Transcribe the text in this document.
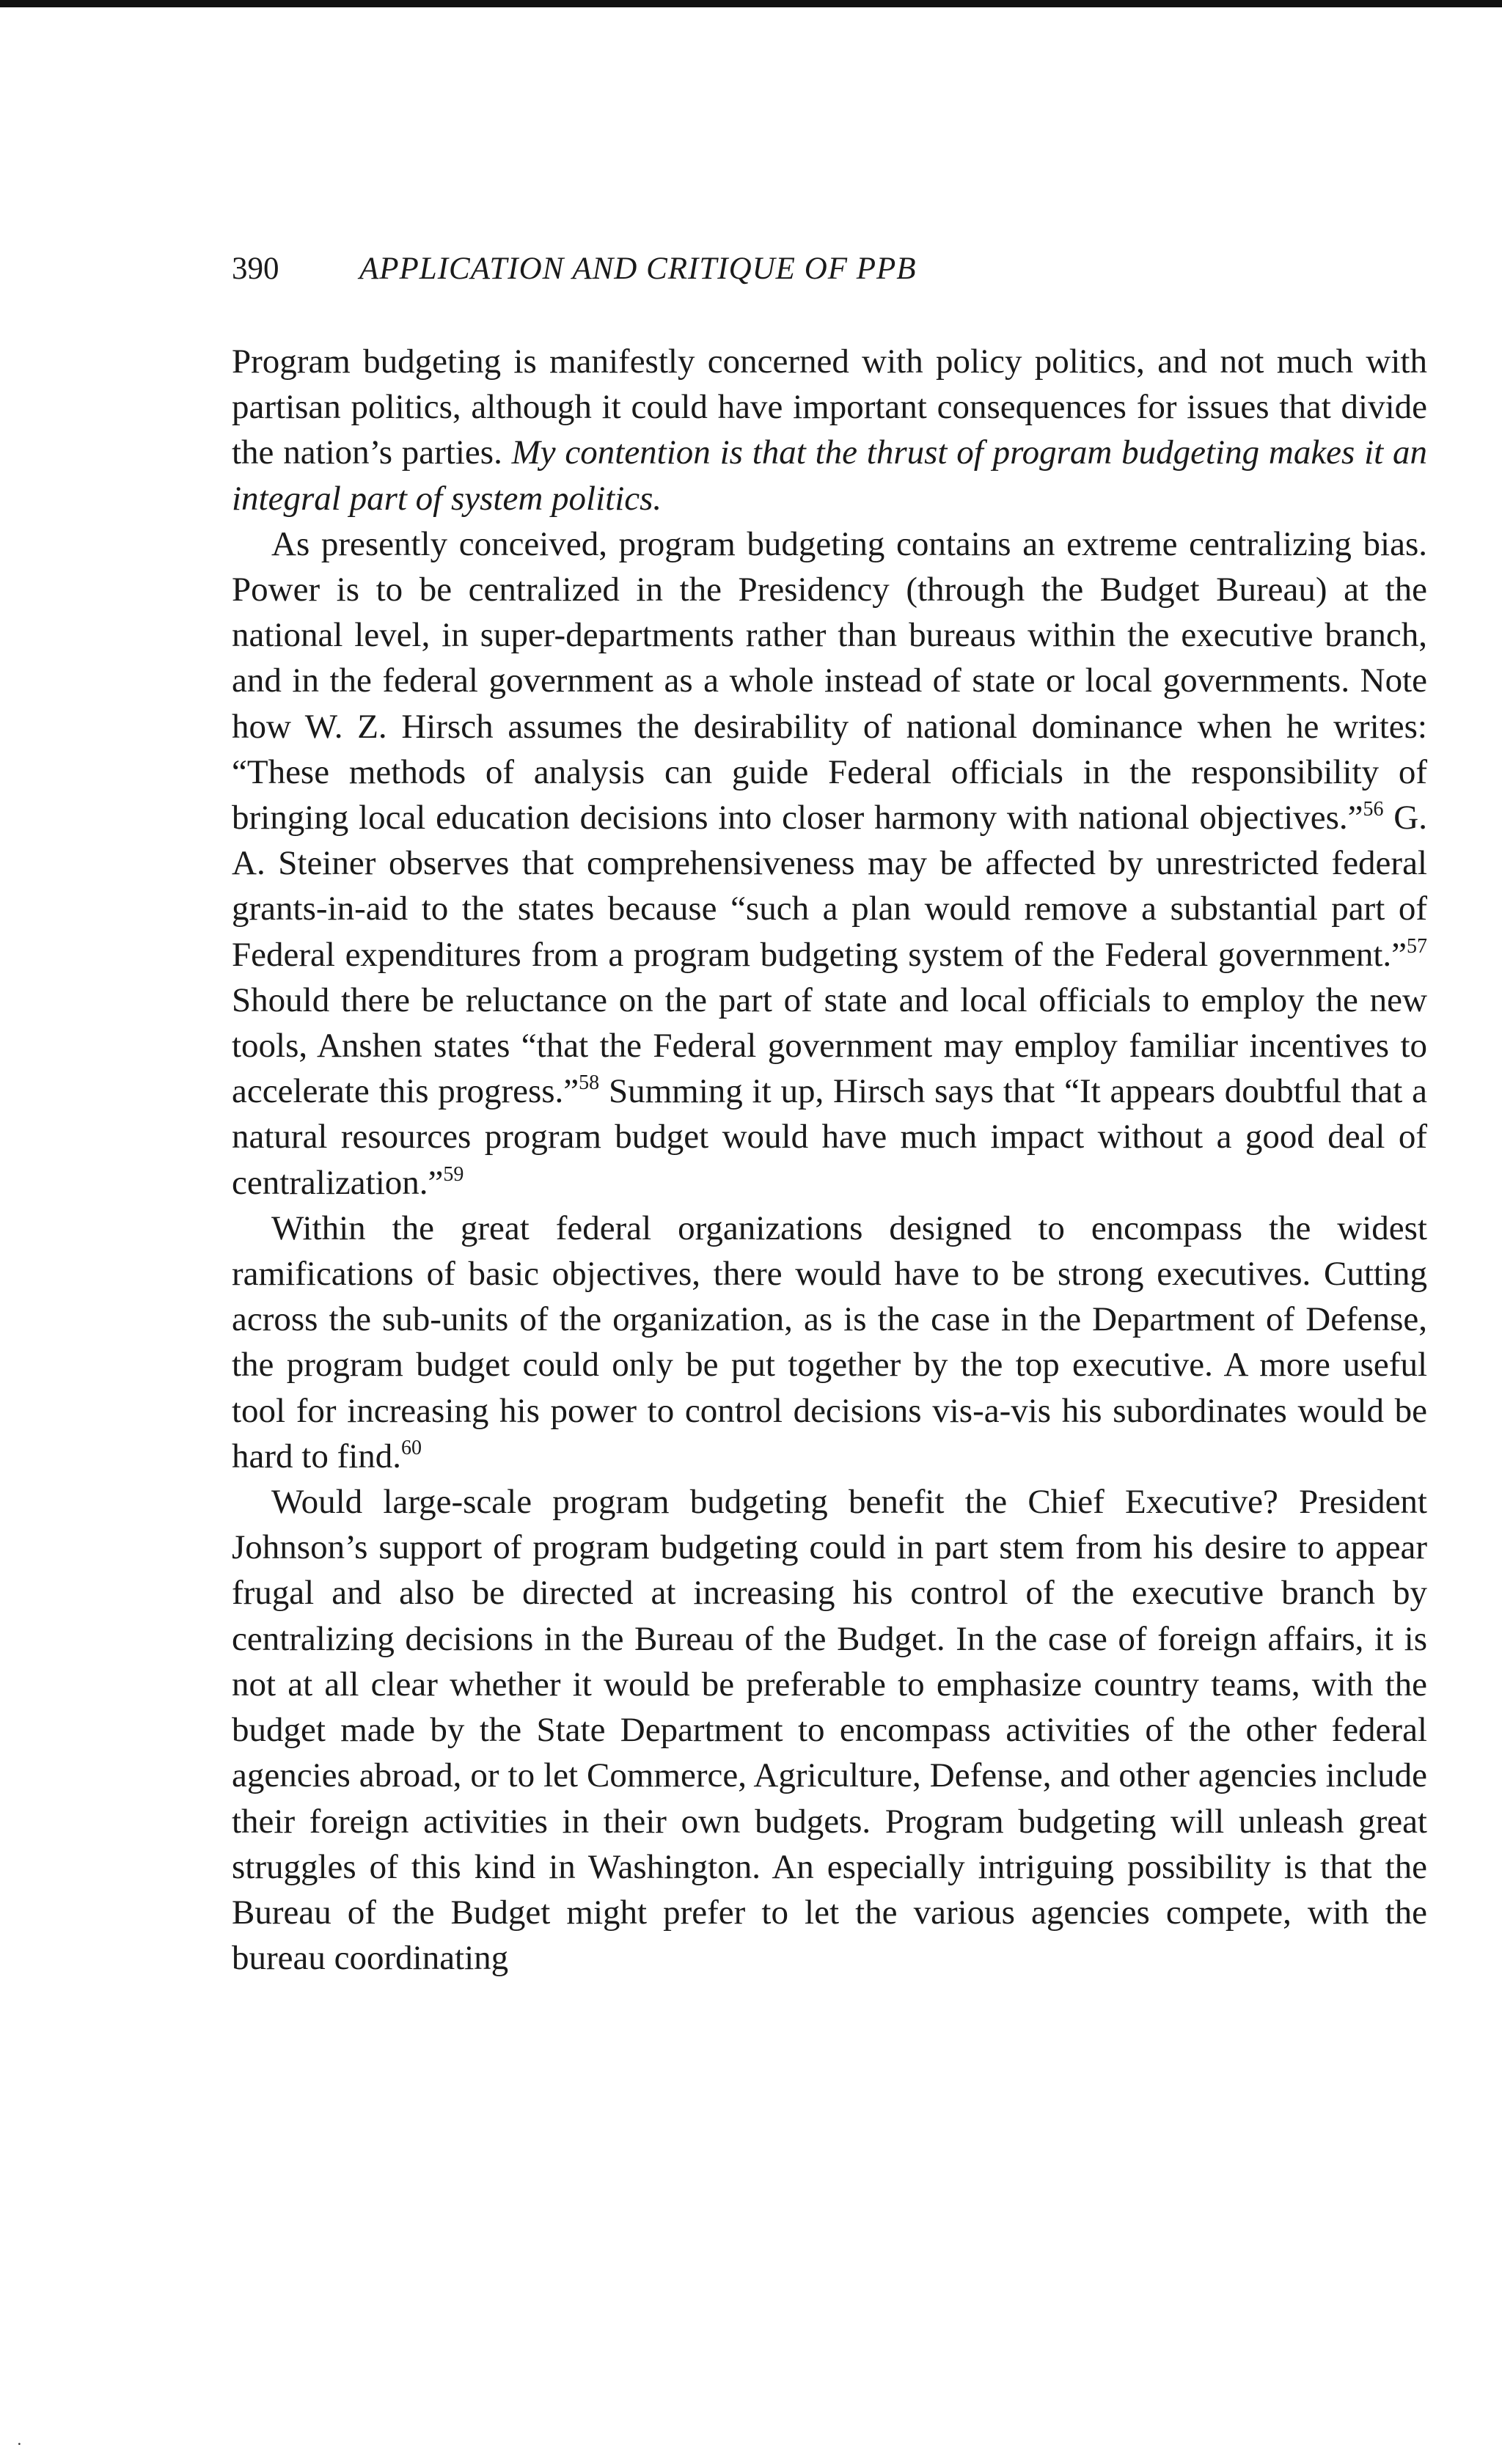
390	APPLICATION AND CRITIQUE OF PPB

Program budgeting is manifestly concerned with policy politics, and not much with partisan politics, although it could have important consequences for issues that divide the nation’s parties. My contention is that the thrust of program budgeting makes it an integral part of system politics.

As presently conceived, program budgeting contains an extreme centralizing bias. Power is to be centralized in the Presidency (through the Budget Bureau) at the national level, in super-departments rather than bureaus within the executive branch, and in the federal government as a whole instead of state or local governments. Note how W. Z. Hirsch assumes the desirability of national dominance when he writes: “These methods of analysis can guide Federal officials in the responsibility of bringing local education decisions into closer harmony with national objectives.”$^{56}$ G. A. Steiner observes that comprehensiveness may be affected by unrestricted federal grants-in-aid to the states because “such a plan would remove a substantial part of Federal expenditures from a program budgeting system of the Federal government.”$^{57}$ Should there be reluctance on the part of state and local officials to employ the new tools, Anshen states “that the Federal government may employ familiar incentives to accelerate this progress.”$^{58}$ Summing it up, Hirsch says that “It appears doubtful that a natural resources program budget would have much impact without a good deal of centralization.”$^{59}$

Within the great federal organizations designed to encompass the widest ramifications of basic objectives, there would have to be strong executives. Cutting across the sub-units of the organization, as is the case in the Department of Defense, the program budget could only be put together by the top executive. A more useful tool for increasing his power to control decisions vis-a-vis his subordinates would be hard to find.$^{60}$

Would large-scale program budgeting benefit the Chief Executive? President Johnson’s support of program budgeting could in part stem from his desire to appear frugal and also be directed at increasing his control of the executive branch by centralizing decisions in the Bureau of the Budget. In the case of foreign affairs, it is not at all clear whether it would be preferable to emphasize country teams, with the budget made by the State Department to encompass activities of the other federal agencies abroad, or to let Commerce, Agriculture, Defense, and other agencies include their foreign activities in their own budgets. Program budgeting will unleash great struggles of this kind in Washington. An especially intriguing possibility is that the Bureau of the Budget might prefer to let the various agencies compete, with the bureau coordinating

˙
